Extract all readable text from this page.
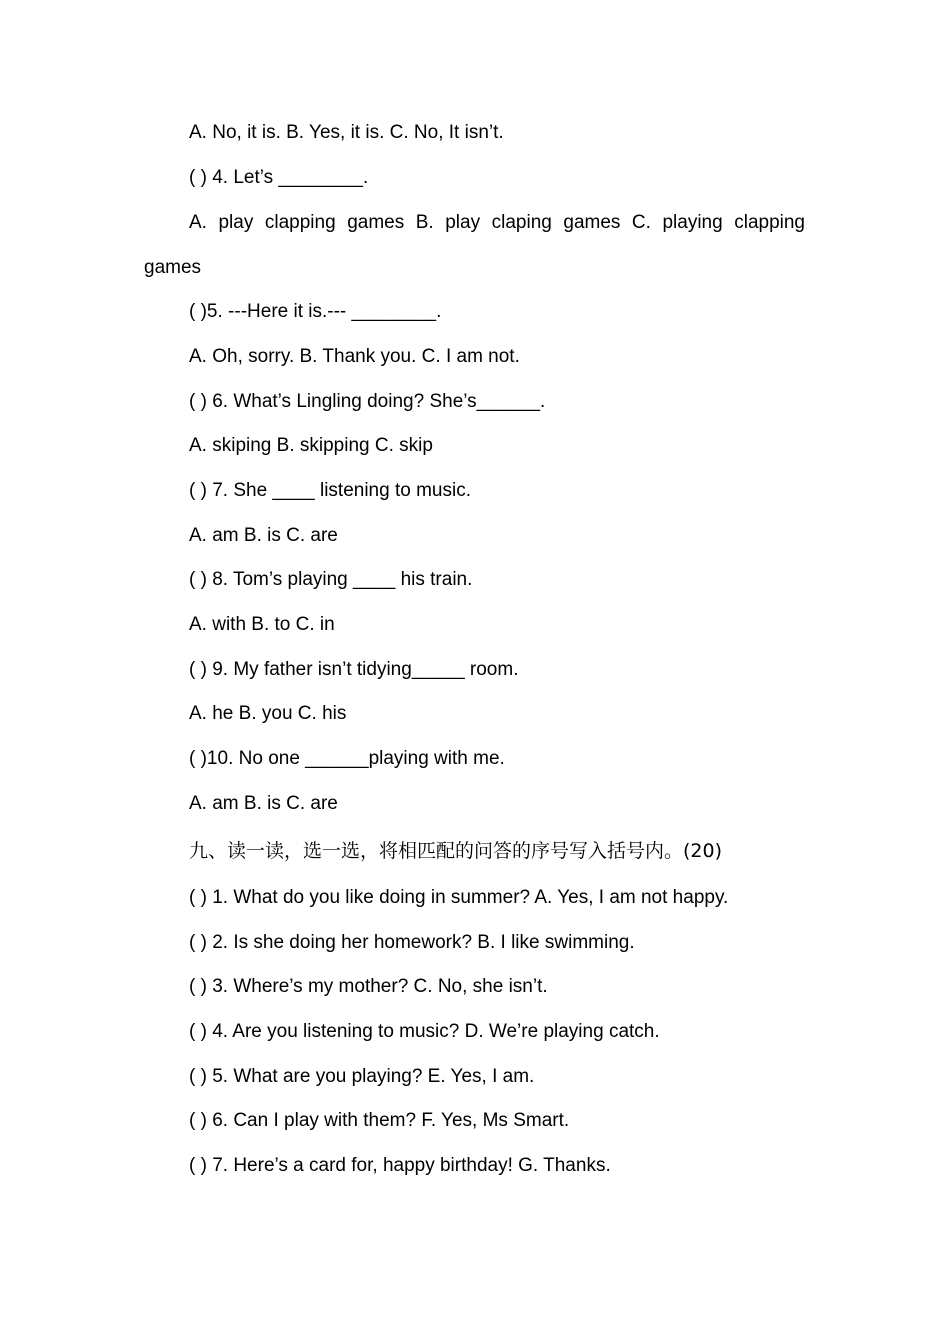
A. No, it is. B. Yes, it is. C. No, It isn’t.
( ) 4. Let’s ________.
A. play clapping games B. play claping games C. playing clapping
games
( )5. ---Here it is.--- ________.
A. Oh, sorry. B. Thank you. C. I am not.
( ) 6. What’s Lingling doing? She’s______.
A. skiping B. skipping C. skip
( ) 7. She ____ listening to music.
A. am B. is C. are
( ) 8. Tom’s playing ____ his train.
A. with B. to C. in
( ) 9. My father isn’t tidying_____ room.
A. he B. you C. his
( )10. No one ______playing with me.
A. am B. is C. are
九、读一读，选一选，将相匹配的问答的序号写入括号内。(20)
( ) 1. What do you like doing in summer? A. Yes, I am not happy.
( ) 2. Is she doing her homework? B. I like swimming.
( ) 3. Where’s my mother? C. No, she isn’t.
( ) 4. Are you listening to music? D. We’re playing catch.
( ) 5. What are you playing? E. Yes, I am.
( ) 6. Can I play with them? F. Yes, Ms Smart.
( ) 7. Here’s a card for, happy birthday! G. Thanks.
